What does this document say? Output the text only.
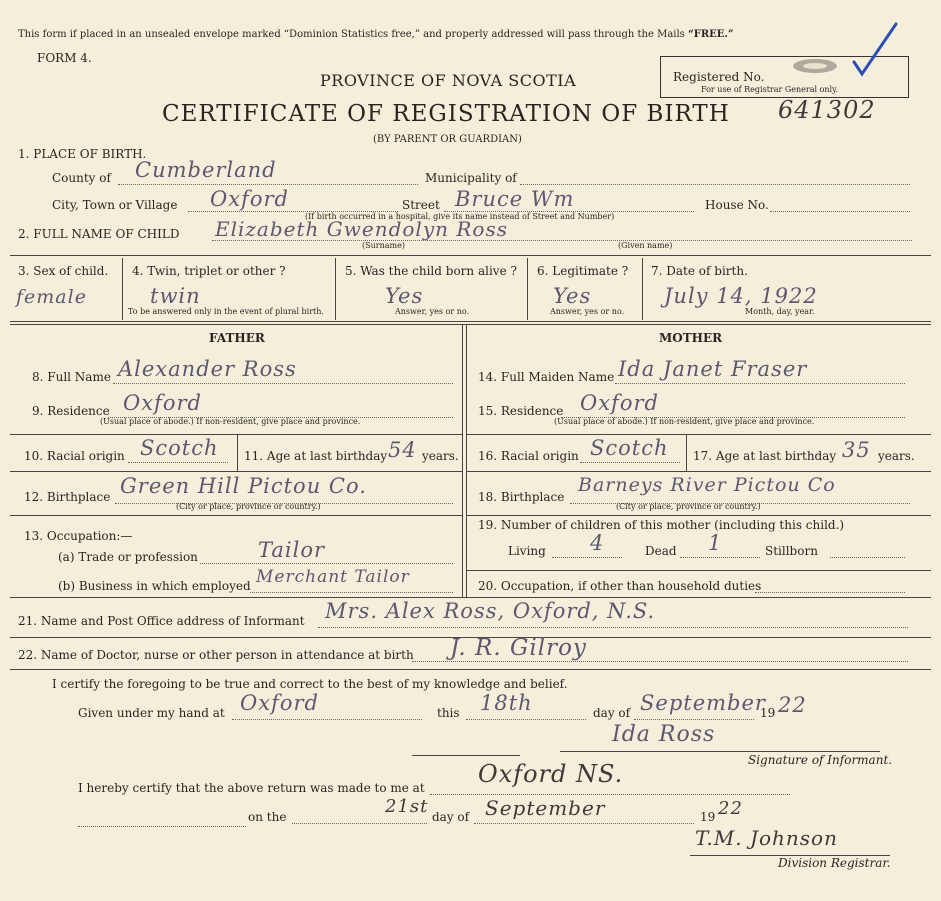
This form if placed in an unsealed envelope marked “Dominion Statistics free,” and properly addressed will pass through the Mails “FREE.”
FORM 4.
PROVINCE OF NOVA SCOTIA
CERTIFICATE OF REGISTRATION OF BIRTH
(BY PARENT OR GUARDIAN)
Registered No.
For use of Registrar General only.
641302
1. PLACE OF BIRTH.
County of Cumberland	Municipality of
City, Town or Village Oxford	Street Bruce Wm	House No.
(If birth occurred in a hospital, give its name instead of Street and Number)
2. FULL NAME OF CHILD Elizabeth Gwendolyn Ross
(Surname)	(Given name)
3. Sex of child.
female
4. Twin, triplet or other ?
twin
To be answered only in the event of plural birth.
5. Was the child born alive ?
Yes
Answer, yes or no.
6. Legitimate ?
Yes
Answer, yes or no.
7. Date of birth.
July 14, 1922
Month, day, year.
FATHER	MOTHER
8. Full Name Alexander Ross
9. Residence Oxford
(Usual place of abode.) If non-resident, give place and province.
10. Racial origin Scotch 11. Age at last birthday 54 years.
12. Birthplace Green Hill Pictou Co.
(City or place, province or country.)
13. Occupation:—
(a) Trade or profession	Tailor
(b) Business in which employed Merchant Tailor
14. Full Maiden Name Ida Janet Fraser
15. Residence Oxford
(Usual place of abode.) If non-resident, give place and province.
16. Racial origin Scotch 17. Age at last birthday 35 years.
18. Birthplace
Barneys River Pictou Co
(City or place, province or country.)
19. Number of children of this mother (including this child.)
Living 4	Dead 1	Stillborn
20. Occupation, if other than household duties
21. Name and Post Office address of Informant Mrs. Alex Ross, Oxford, N.S.
22. Name of Doctor, nurse or other person in attendance at birth J. R. Gilroy
I certify the foregoing to be true and correct to the best of my knowledge and belief.
Given under my hand at Oxford	this 18th	day of September
19 22
Ida Ross
Signature of Informant.
I hereby certify that the above return was made to me at Oxford NS.
on the	21st day of September	19 22
T.M. Johnson
Division Registrar.
